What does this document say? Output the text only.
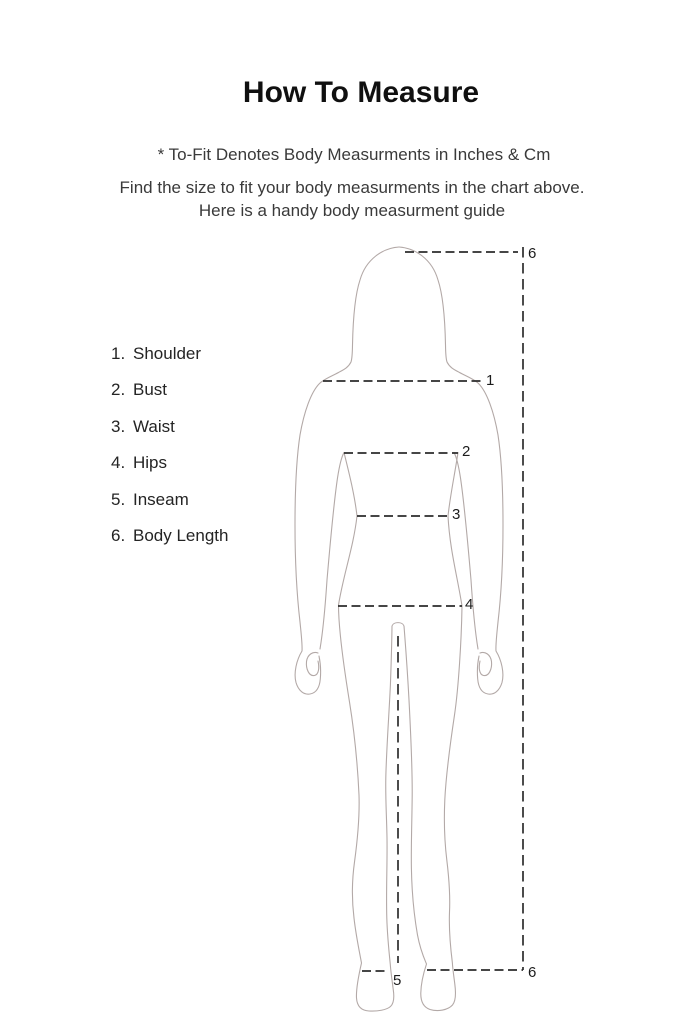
How To Measure

* To-Fit Denotes Body Measurments in Inches & Cm

Find the size to fit your body measurments in the chart above.
Here is a handy body measurment guide

1. Shoulder
2. Bust
3. Waist
4. Hips
5. Inseam
6. Body Length
6
1
2
3
4
5	6
